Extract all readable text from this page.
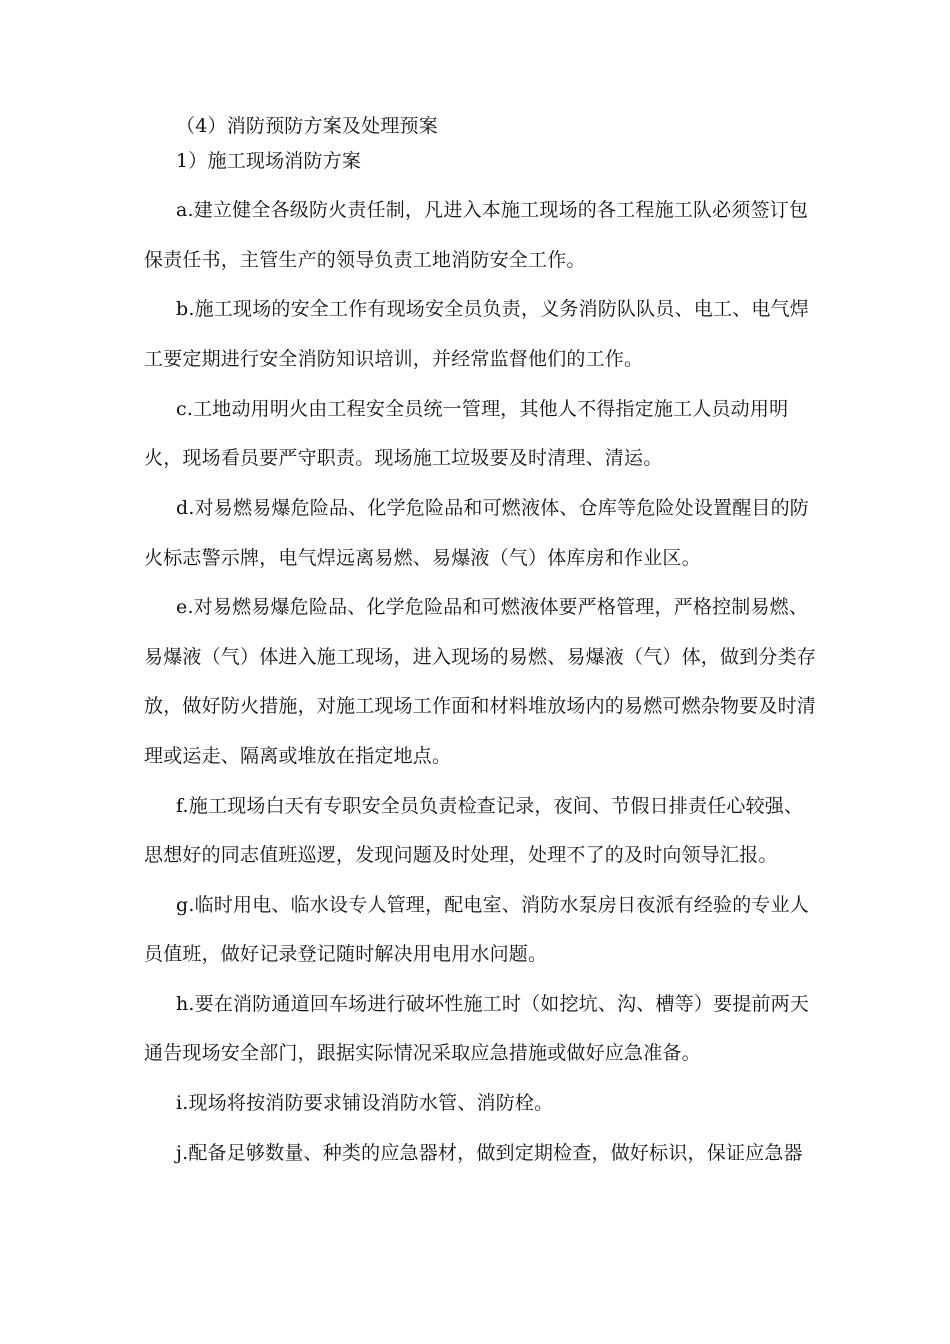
（4）消防预防方案及处理预案
1）施工现场消防方案
a.建立健全各级防火责任制，凡进入本施工现场的各工程施工队必须签订包
保责任书，主管生产的领导负责工地消防安全工作。
b.施工现场的安全工作有现场安全员负责，义务消防队队员、电工、电气焊
工要定期进行安全消防知识培训，并经常监督他们的工作。
c.工地动用明火由工程安全员统一管理，其他人不得指定施工人员动用明
火，现场看员要严守职责。现场施工垃圾要及时清理、清运。
d.对易燃易爆危险品、化学危险品和可燃液体、仓库等危险处设置醒目的防
火标志警示牌，电气焊远离易燃、易爆液（气）体库房和作业区。
e.对易燃易爆危险品、化学危险品和可燃液体要严格管理，严格控制易燃、
易爆液（气）体进入施工现场，进入现场的易燃、易爆液（气）体，做到分类存
放，做好防火措施，对施工现场工作面和材料堆放场内的易燃可燃杂物要及时清
理或运走、隔离或堆放在指定地点。
f.施工现场白天有专职安全员负责检查记录，夜间、节假日排责任心较强、
思想好的同志值班巡逻，发现问题及时处理，处理不了的及时向领导汇报。
g.临时用电、临水设专人管理，配电室、消防水泵房日夜派有经验的专业人
员值班，做好记录登记随时解决用电用水问题。
h.要在消防通道回车场进行破坏性施工时（如挖坑、沟、槽等）要提前两天
通告现场安全部门，跟据实际情况采取应急措施或做好应急准备。
i.现场将按消防要求铺设消防水管、消防栓。
j.配备足够数量、种类的应急器材，做到定期检查，做好标识，保证应急器
